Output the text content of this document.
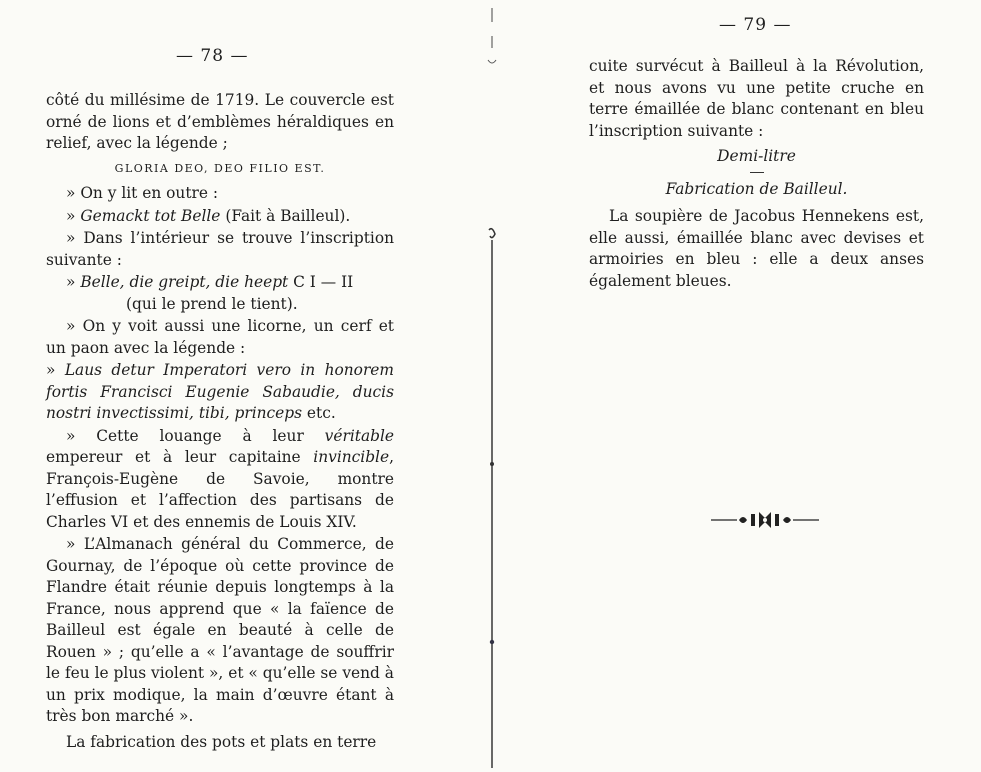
— 78 —

côté du millésime de 1719. Le couvercle est orné de lions et d’emblèmes héraldiques en relief, avec la légende ;

GLORIA DEO, DEO FILIO EST.

» On y lit en outre :

» Gemackt tot Belle (Fait à Bailleul).

» Dans l’intérieur se trouve l’inscription suivante :

» Belle, die greipt, die heept C I — II

(qui le prend le tient).

» On y voit aussi une licorne, un cerf et un paon avec la légende :

» Laus detur Imperatori vero in honorem fortis Francisci Eugenie Sabaudie, ducis nostri invectissimi, tibi, princeps etc.

» Cette louange à leur véritable empereur et à leur capitaine invincible, François-Eugène de Savoie, montre l’effusion et l’affection des partisans de Charles VI et des ennemis de Louis XIV.

» L’Almanach général du Commerce, de Gournay, de l’époque où cette province de Flandre était réunie depuis longtemps à la France, nous apprend que « la faïence de Bailleul est égale en beauté à celle de Rouen » ; qu’elle a « l’avantage de souffrir le feu le plus violent », et « qu’elle se vend à un prix modique, la main d’œuvre étant à très bon marché ».

La fabrication des pots et plats en terre

— 79 —

cuite survécut à Bailleul à la Révolution, et nous avons vu une petite cruche en terre émaillée de blanc contenant en bleu l’inscription suivante :

Demi-litre

Fabrication de Bailleul.

La soupière de Jacobus Hennekens est, elle aussi, émaillée blanc avec devises et armoiries en bleu : elle a deux anses également bleues.
